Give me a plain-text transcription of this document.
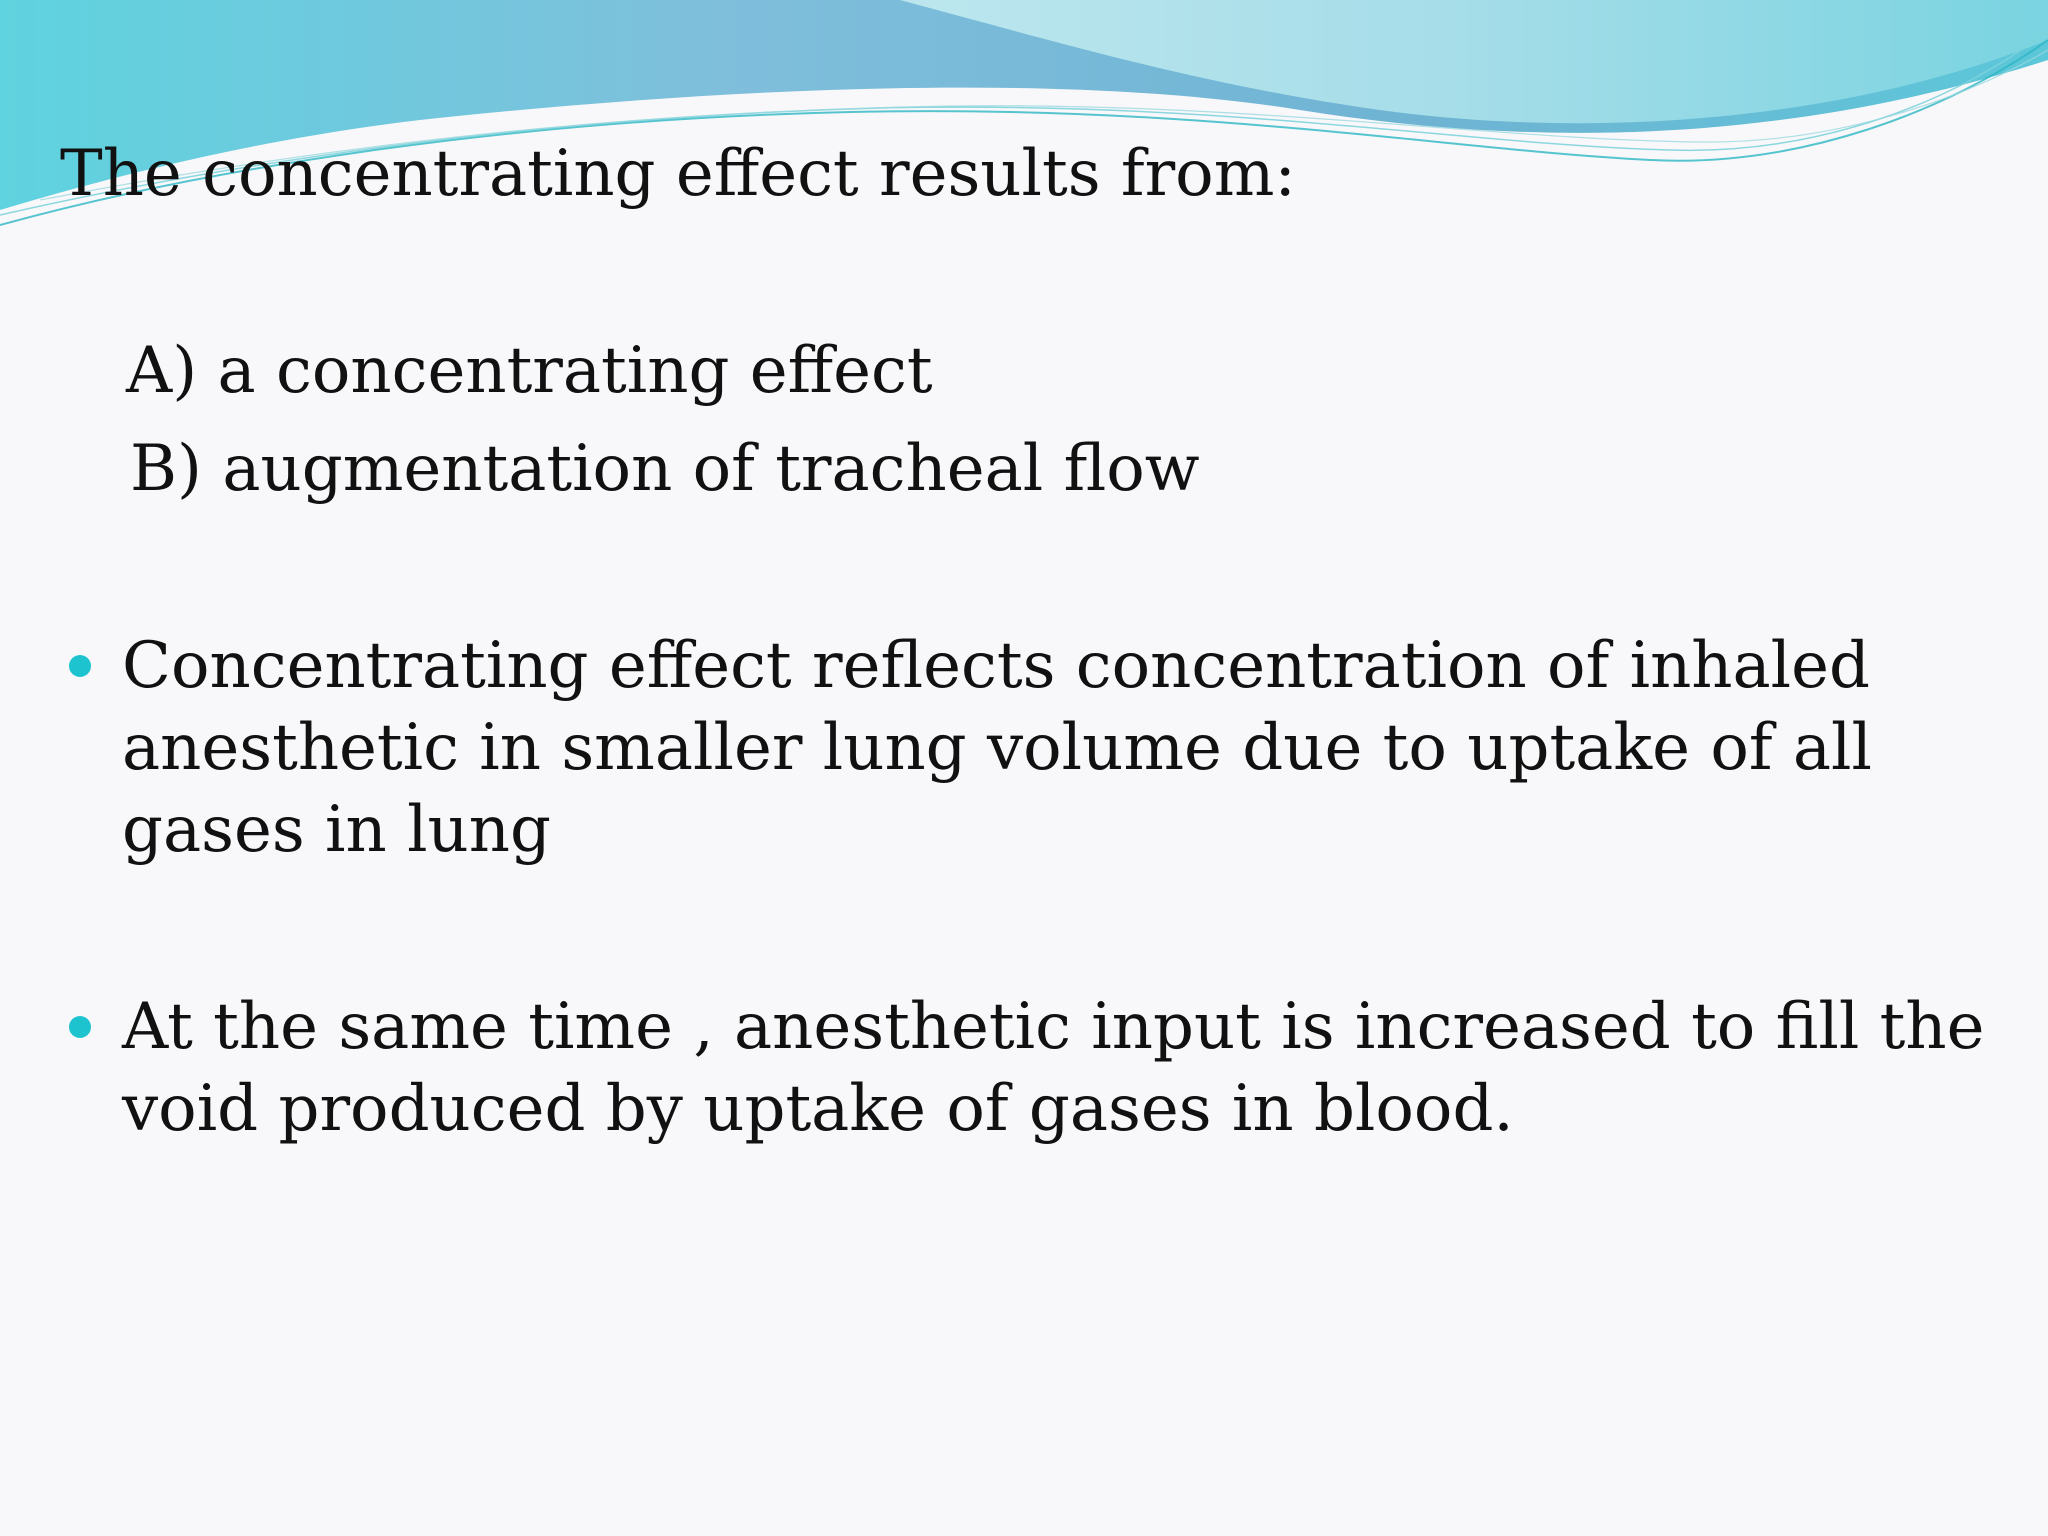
The concentrating effect results from:
A) a concentrating effect
B) augmentation of tracheal flow
Concentrating effect reflects concentration of inhaled anesthetic in smaller lung volume due to uptake of all gases in lung
At the same time , anesthetic input is increased to fill the void produced by uptake of gases in blood.
